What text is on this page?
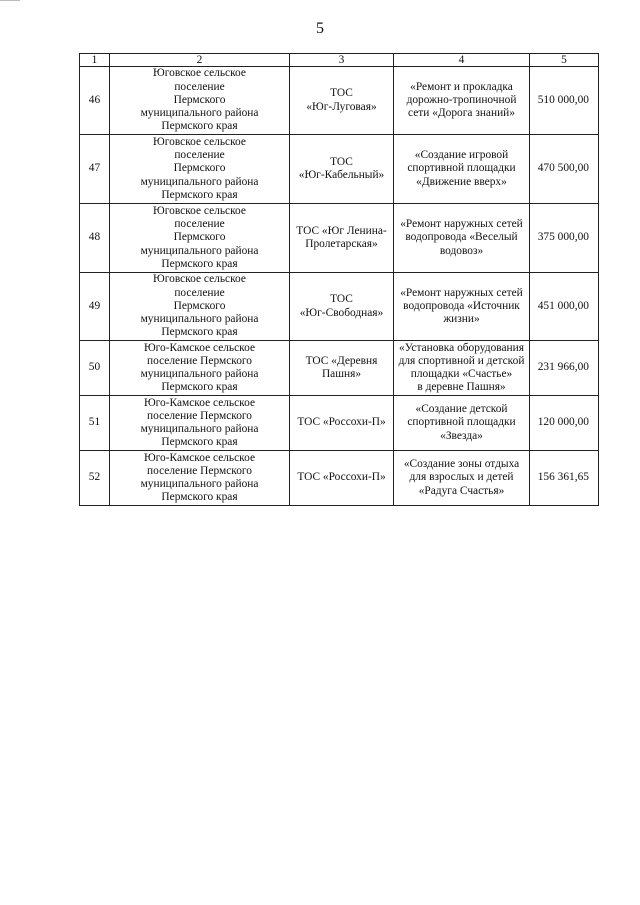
5
1	2	3	4	5
46	Юговское сельское
поселение
Пермского
муниципального района
Пермского края	ТОС
«Юг-Луговая»	«Ремонт и прокладка
дорожно-тропиночной
сети «Дорога знаний»	510 000,00
47	Юговское сельское
поселение
Пермского
муниципального района
Пермского края	ТОС
«Юг-Кабельный»	«Создание игровой
спортивной площадки
«Движение вверх»	470 500,00
48	Юговское сельское
поселение
Пермского
муниципального района
Пермского края	ТОС «Юг Ленина-
Пролетарская»	«Ремонт наружных сетей
водопровода «Веселый
водовоз»	375 000,00
49	Юговское сельское
поселение
Пермского
муниципального района
Пермского края	ТОС
«Юг-Свободная»	«Ремонт наружных сетей
водопровода «Источник
жизни»	451 000,00
50	Юго-Камское сельское
поселение Пермского
муниципального района
Пермского края	ТОС «Деревня
Пашня»	«Установка оборудования
для спортивной и детской
площадки «Счастье»
в деревне Пашня»	231 966,00
51	Юго-Камское сельское
поселение Пермского
муниципального района
Пермского края	ТОС «Россохи-П»	«Создание детской
спортивной площадки
«Звезда»	120 000,00
52	Юго-Камское сельское
поселение Пермского
муниципального района
Пермского края	ТОС «Россохи-П»	«Создание зоны отдыха
для взрослых и детей
«Радуга Счастья»	156 361,65
